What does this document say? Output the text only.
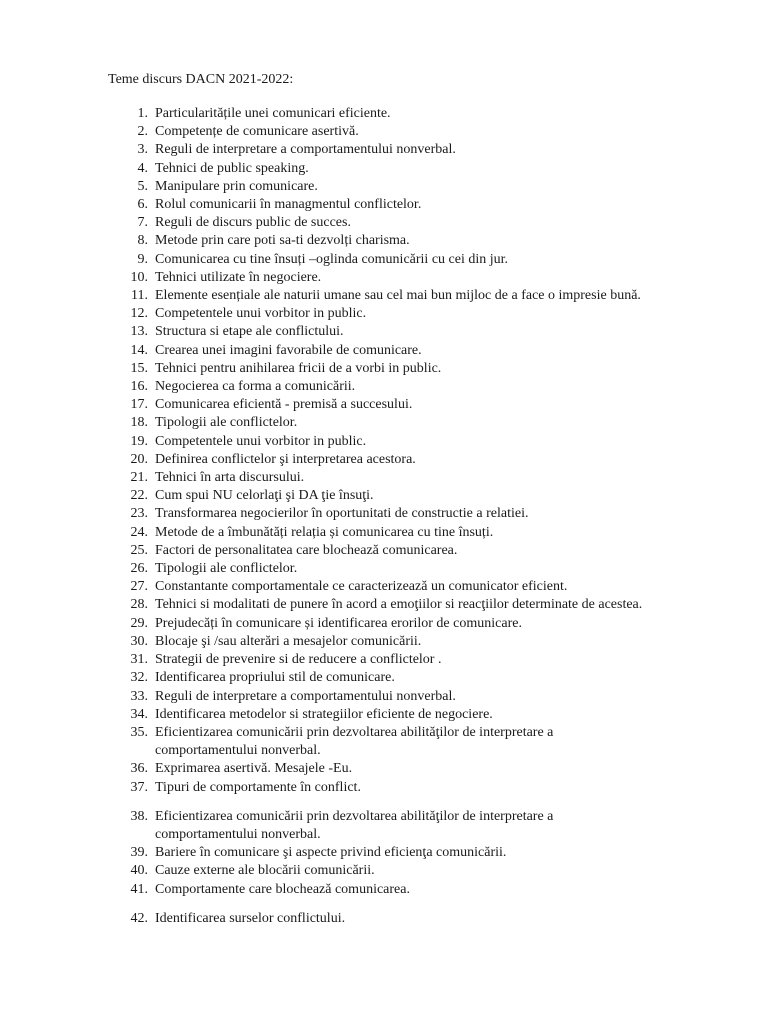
Teme discurs DACN 2021-2022:
1. Particularitățile unei comunicari eficiente.
2. Competențe de comunicare asertivă.
3. Reguli de interpretare a comportamentului nonverbal.
4. Tehnici de public speaking.
5. Manipulare prin comunicare.
6. Rolul comunicarii în managmentul conflictelor.
7. Reguli de discurs public de succes.
8. Metode prin care poti sa-ti dezvolți charisma.
9. Comunicarea cu tine însuți –oglinda comunicării cu cei din jur.
10. Tehnici utilizate în negociere.
11. Elemente esențiale ale naturii umane sau cel mai bun mijloc de a face o impresie bună.
12. Competentele unui vorbitor in public.
13. Structura si etape ale conflictului.
14. Crearea unei imagini favorabile de comunicare.
15. Tehnici pentru anihilarea fricii de a vorbi in public.
16. Negocierea ca forma a comunicării.
17. Comunicarea eficientă - premisă a succesului.
18. Tipologii ale conflictelor.
19. Competentele unui vorbitor in public.
20. Definirea conflictelor şi interpretarea acestora.
21. Tehnici în arta discursului.
22. Cum spui NU celorlaţi şi DA ţie însuţi.
23. Transformarea negocierilor în oportunitati de constructie a relatiei.
24. Metode de a îmbunătăți relația și comunicarea cu tine însuți.
25. Factori de personalitatea care blochează comunicarea.
26. Tipologii ale conflictelor.
27. Constantante comportamentale ce caracterizează un comunicator eficient.
28. Tehnici si modalitati de punere în acord a emoţiilor si reacţiilor determinate de acestea.
29. Prejudecăți în comunicare și identificarea erorilor de comunicare.
30. Blocaje şi /sau alterări a mesajelor comunicării.
31. Strategii de prevenire si de reducere a conflictelor .
32. Identificarea propriului stil de comunicare.
33. Reguli de interpretare a comportamentului nonverbal.
34. Identificarea metodelor si strategiilor eficiente de negociere.
35. Eficientizarea comunicării prin dezvoltarea abilităţilor de interpretare a
comportamentului nonverbal.
36. Exprimarea asertivă. Mesajele -Eu.
37. Tipuri de comportamente în conflict.
38. Eficientizarea comunicării prin dezvoltarea abilităţilor de interpretare a
comportamentului nonverbal.
39. Bariere în comunicare şi aspecte privind eficienţa comunicării.
40. Cauze externe ale blocării comunicării.
41. Comportamente care blochează comunicarea.
42. Identificarea surselor conflictului.
